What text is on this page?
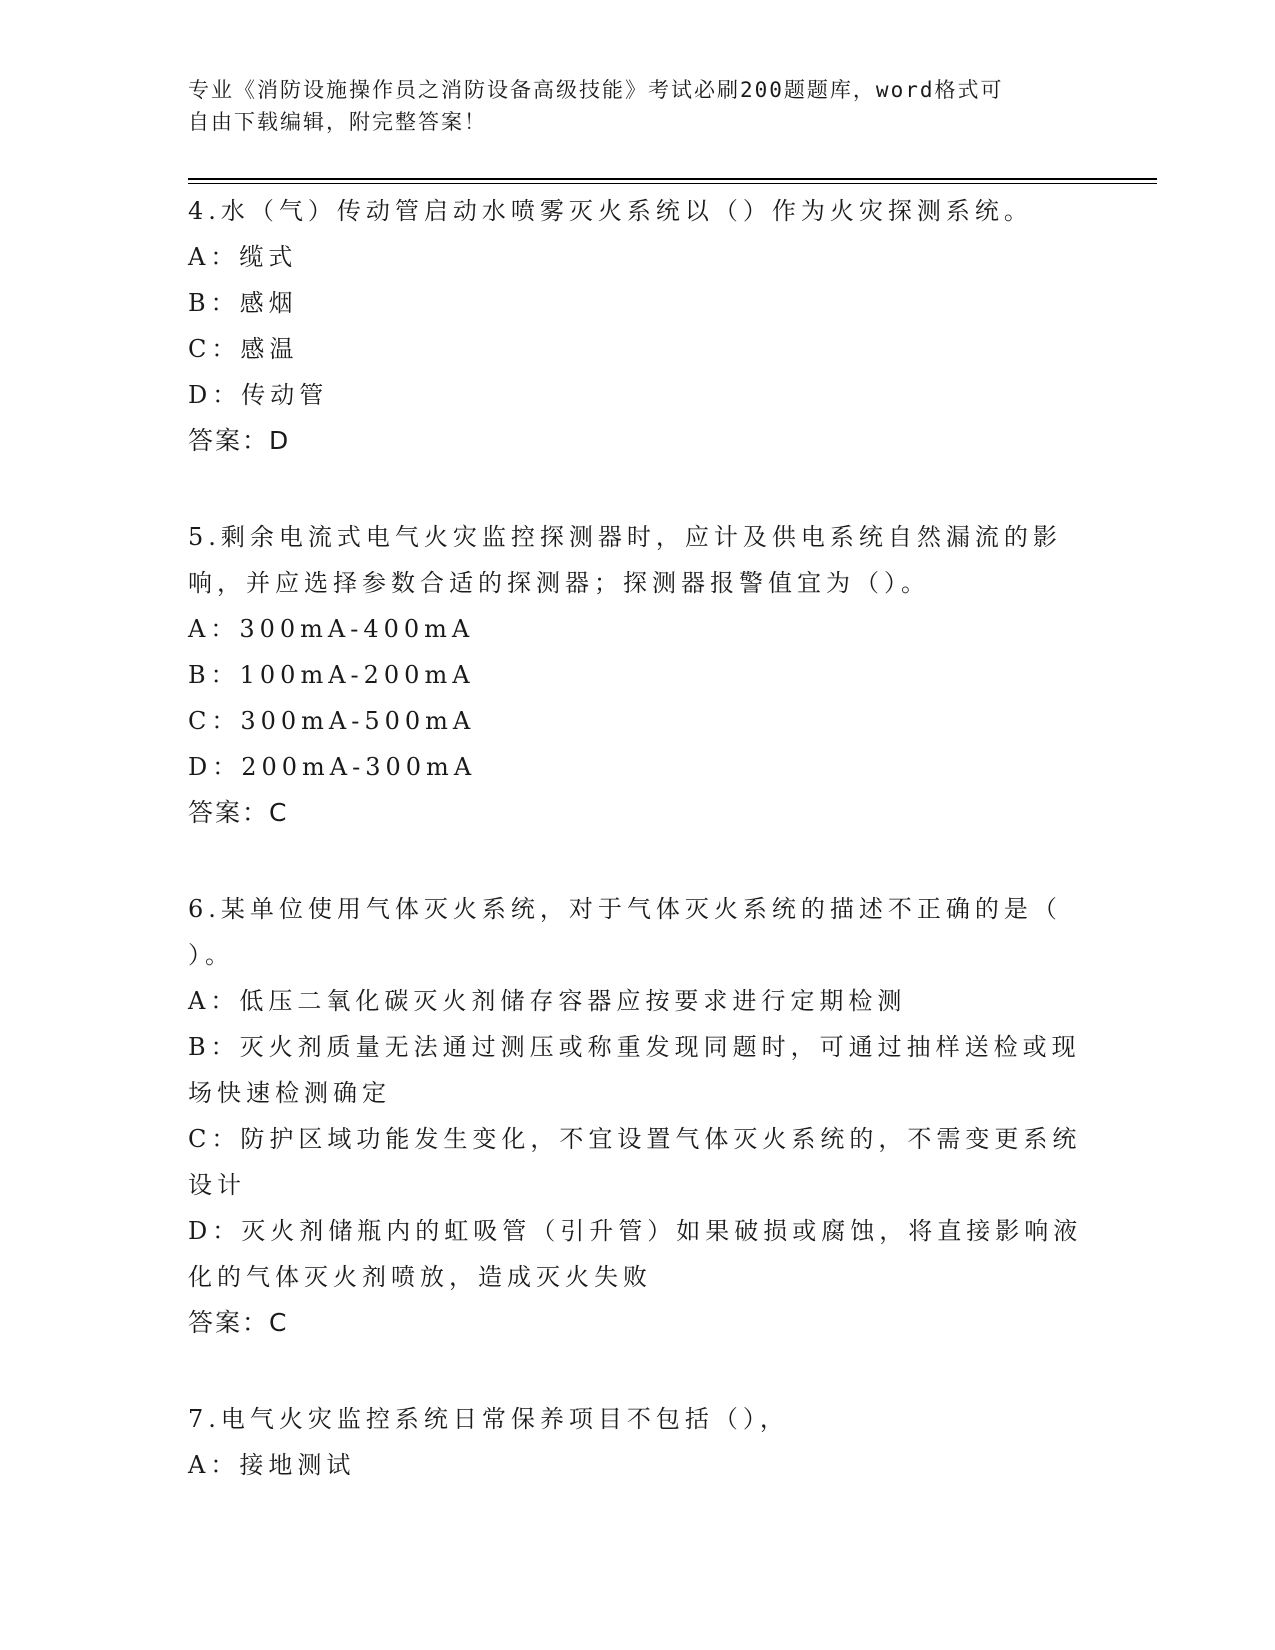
专业《消防设施操作员之消防设备高级技能》考试必刷200题题库，word格式可
自由下载编辑，附完整答案！

4.水（气）传动管启动水喷雾灭火系统以（）作为火灾探测系统。

A：缆式

B：感烟

C：感温

D：传动管

答案：D

5.剩余电流式电气火灾监控探测器时，应计及供电系统自然漏流的影

响，并应选择参数合适的探测器；探测器报警值宜为（）。

A：300mA-400mA

B：100mA-200mA

C：300mA-500mA

D：200mA-300mA

答案：C

6.某单位使用气体灭火系统，对于气体灭火系统的描述不正确的是（

）。

A：低压二氧化碳灭火剂储存容器应按要求进行定期检测

B：灭火剂质量无法通过测压或称重发现同题时，可通过抽样送检或现

场快速检测确定

C：防护区域功能发生变化，不宜设置气体灭火系统的，不需变更系统

设计

D：灭火剂储瓶内的虹吸管（引升管）如果破损或腐蚀，将直接影响液

化的气体灭火剂喷放，造成灭火失败

答案：C

7.电气火灾监控系统日常保养项目不包括（），

A：接地测试
